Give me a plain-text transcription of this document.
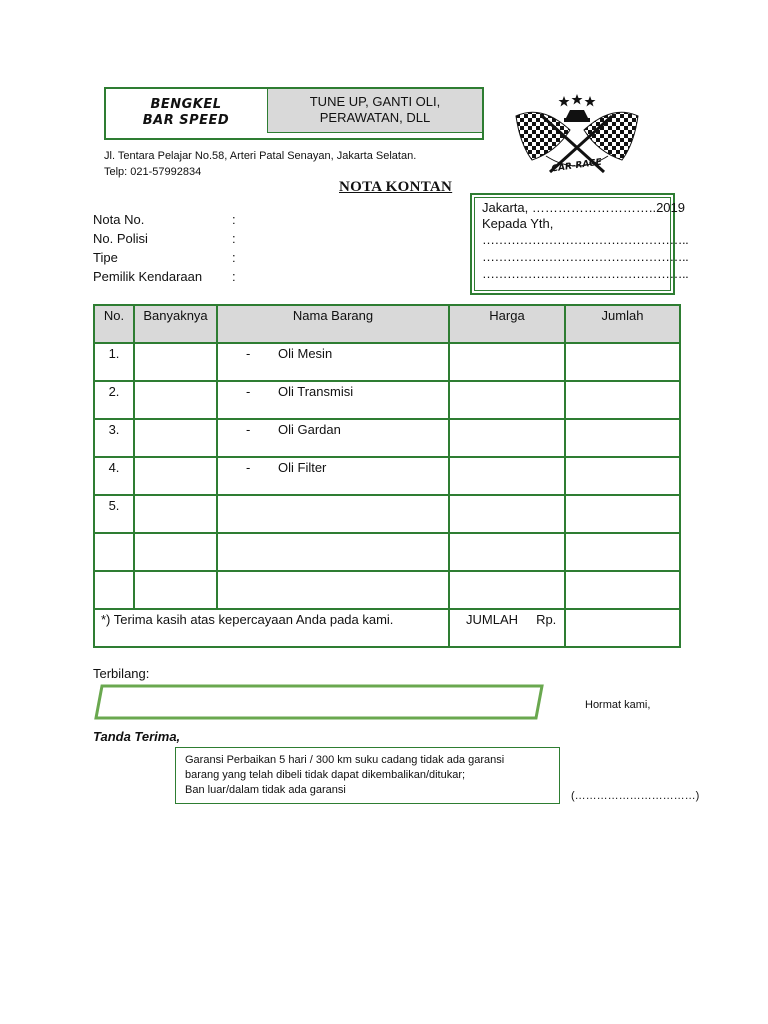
BENGKEL
BAR SPEED
TUNE UP, GANTI OLI,
PERAWATAN, DLL
Jl. Tentara Pelajar No.58, Arteri Patal Senayan, Jakarta Selatan.
Telp: 021-57992834	CAR-RACE
NOTA KONTAN
Nota No.	:
No. Polisi	:
Tipe	:
Pemilik Kendaraan :
Jakarta, ………………………..2019
Kepada Yth,
…………………………………………..
…………………………………………..
…………………………………………..
No.	Banyaknya	Nama Barang	Harga	Jumlah
1.		- Oli Mesin		
2.		- Oli Transmisi		
3.		- Oli Gardan		
4.		- Oli Filter		
5.				

*) Terima kasih atas kepercayaan Anda pada kami.			JUMLAH     Rp.	
Terbilang:
Hormat kami,
Tanda Terima,
Garansi Perbaikan 5 hari / 300 km suku cadang tidak ada garansi
barang yang telah dibeli tidak dapat dikembalikan/ditukar;
Ban luar/dalam tidak ada garansi	(……………………………)
